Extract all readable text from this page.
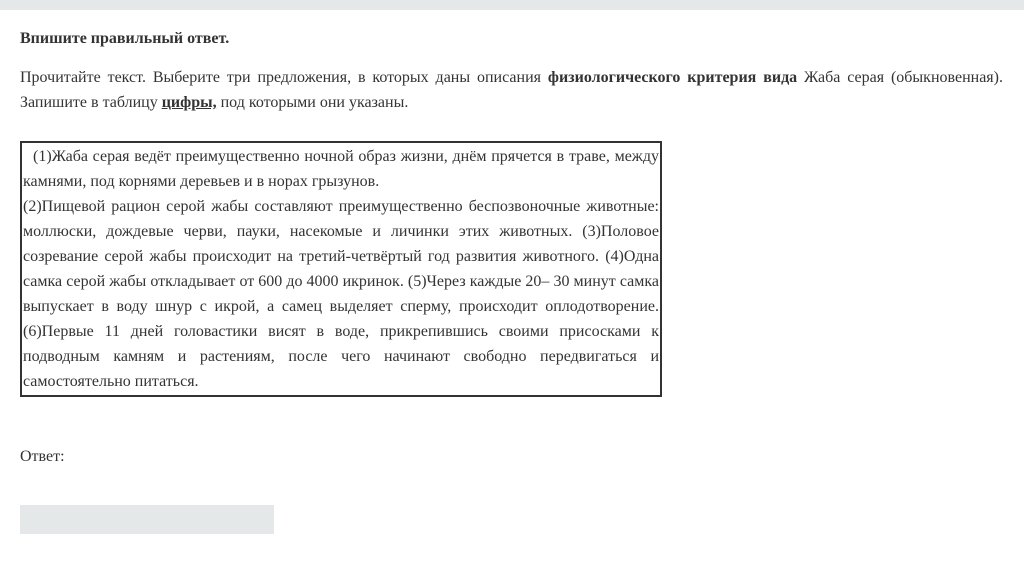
Впишите правильный ответ.
Прочитайте текст. Выберите три предложения, в которых даны описания физиологического критерия вида Жаба серая (обыкновенная). Запишите в таблицу цифры, под которыми они указаны.
(1)Жаба серая ведёт преимущественно ночной образ жизни, днём прячется в траве, между камнями, под корнями деревьев и в норах грызунов.
(2)Пищевой рацион серой жабы составляют преимущественно беспозвоночные животные: моллюски, дождевые черви, пауки, насекомые и личинки этих животных. (3)Половое созревание серой жабы происходит на третий-четвёртый год развития животного. (4)Одна самка серой жабы откладывает от 600 до 4000 икринок. (5)Через каждые 20– 30 минут самка выпускает в воду шнур с икрой, а самец выделяет сперму, происходит оплодотворение. (6)Первые 11 дней головастики висят в воде, прикрепившись своими присосками к подводным камням и растениям, после чего начинают свободно передвигаться и самостоятельно питаться.
Ответ:
